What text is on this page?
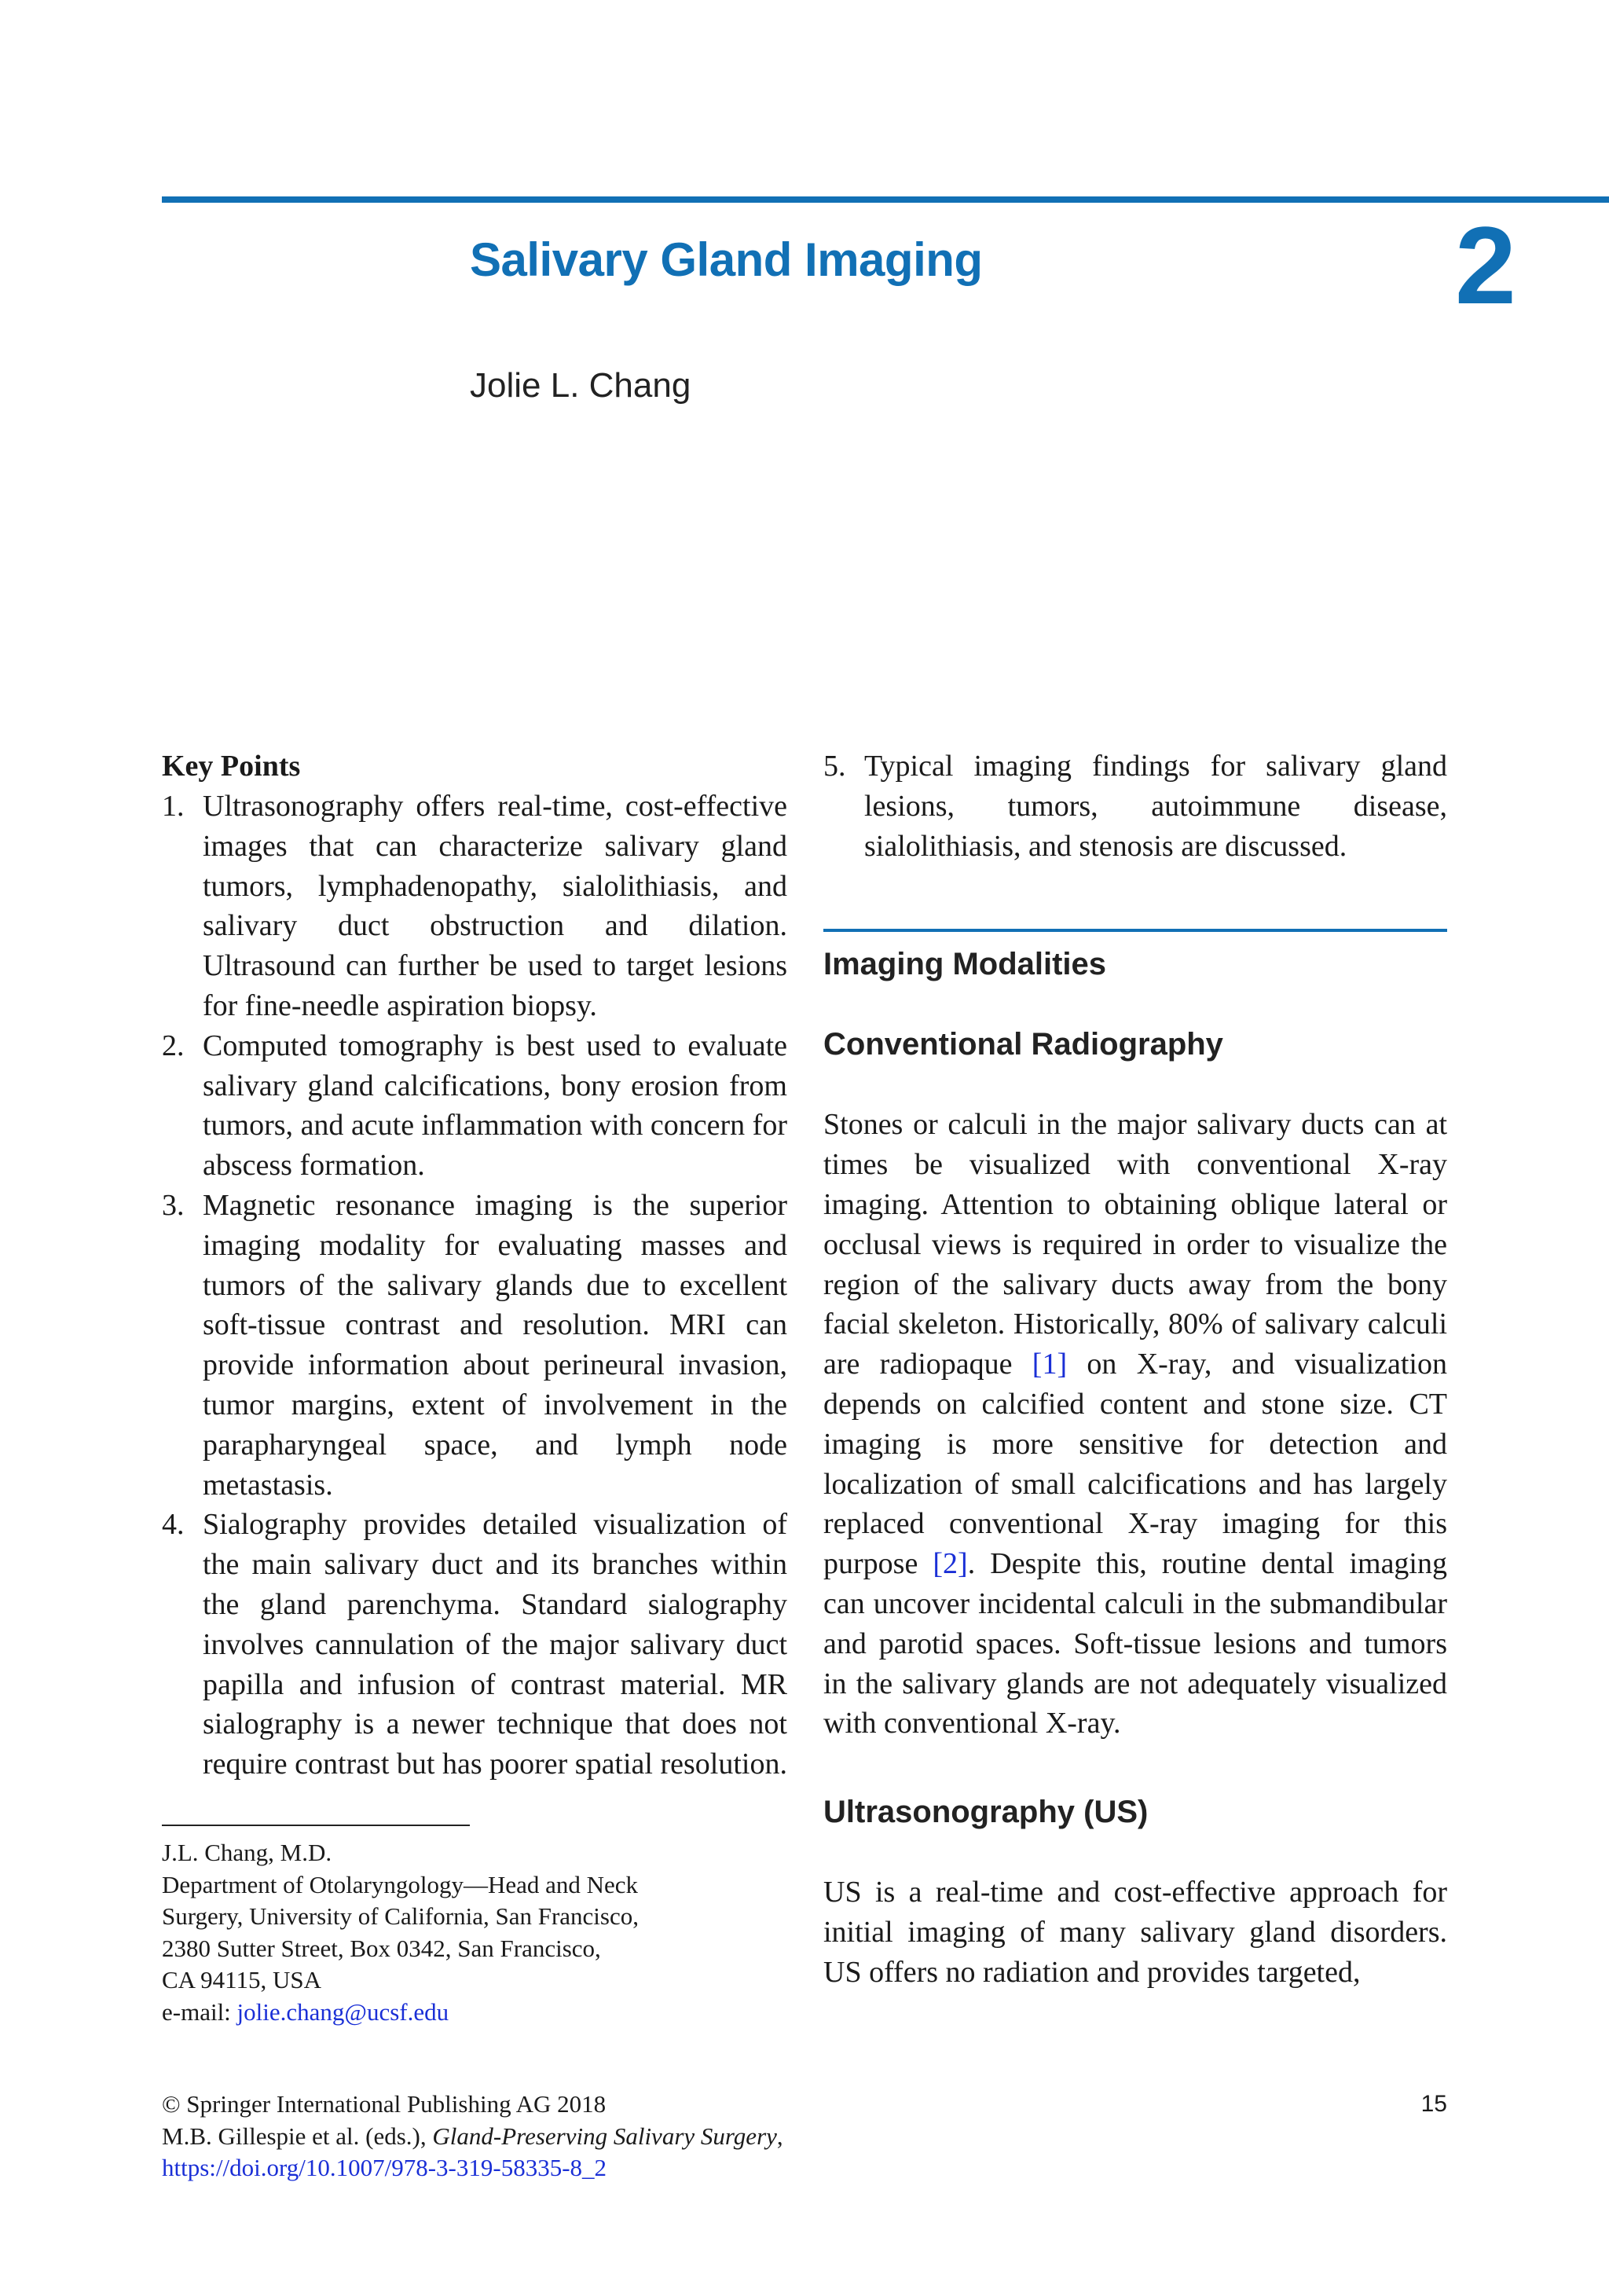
Salivary Gland Imaging	2
Jolie L. Chang

Key Points

1. Ultrasonography offers real-time, cost-effective images that can characterize salivary gland tumors, lymphadenopathy, sialolithiasis, and salivary duct obstruction and dilation. Ultrasound can further be used to target lesions for fine-needle aspiration biopsy.
2. Computed tomography is best used to evaluate salivary gland calcifications, bony erosion from tumors, and acute inflammation with concern for abscess formation.
3. Magnetic resonance imaging is the superior imaging modality for evaluating masses and tumors of the salivary glands due to excellent soft-tissue contrast and resolution. MRI can provide information about perineural invasion, tumor margins, extent of involvement in the parapharyngeal space, and lymph node metastasis.
4. Sialography provides detailed visualization of the main salivary duct and its branches within the gland parenchyma. Standard sialography involves cannulation of the major salivary duct papilla and infusion of contrast material. MR sialography is a newer technique that does not require contrast but has poorer spatial resolution.
5. Typical imaging findings for salivary gland lesions, tumors, autoimmune disease, sialolithiasis, and stenosis are discussed.

Imaging Modalities

Conventional Radiography

Stones or calculi in the major salivary ducts can at times be visualized with conventional X-ray imaging. Attention to obtaining oblique lateral or occlusal views is required in order to visualize the region of the salivary ducts away from the bony facial skeleton. Historically, 80% of salivary calculi are radiopaque [1] on X-ray, and visualization depends on calcified content and stone size. CT imaging is more sensitive for detection and localization of small calcifications and has largely replaced conventional X-ray imaging for this purpose [2]. Despite this, routine dental imaging can uncover incidental calculi in the submandibular and parotid spaces. Soft-tissue lesions and tumors in the salivary glands are not adequately visualized with conventional X-ray.

Ultrasonography (US)

US is a real-time and cost-effective approach for initial imaging of many salivary gland disorders. US offers no radiation and provides targeted,

J.L. Chang, M.D.
Department of Otolaryngology—Head and Neck
Surgery, University of California, San Francisco,
2380 Sutter Street, Box 0342, San Francisco,
CA 94115, USA
e-mail: jolie.chang@ucsf.edu
© Springer International Publishing AG 2018
M.B. Gillespie et al. (eds.), Gland-Preserving Salivary Surgery,
https://doi.org/10.1007/978-3-319-58335-8_2
15
